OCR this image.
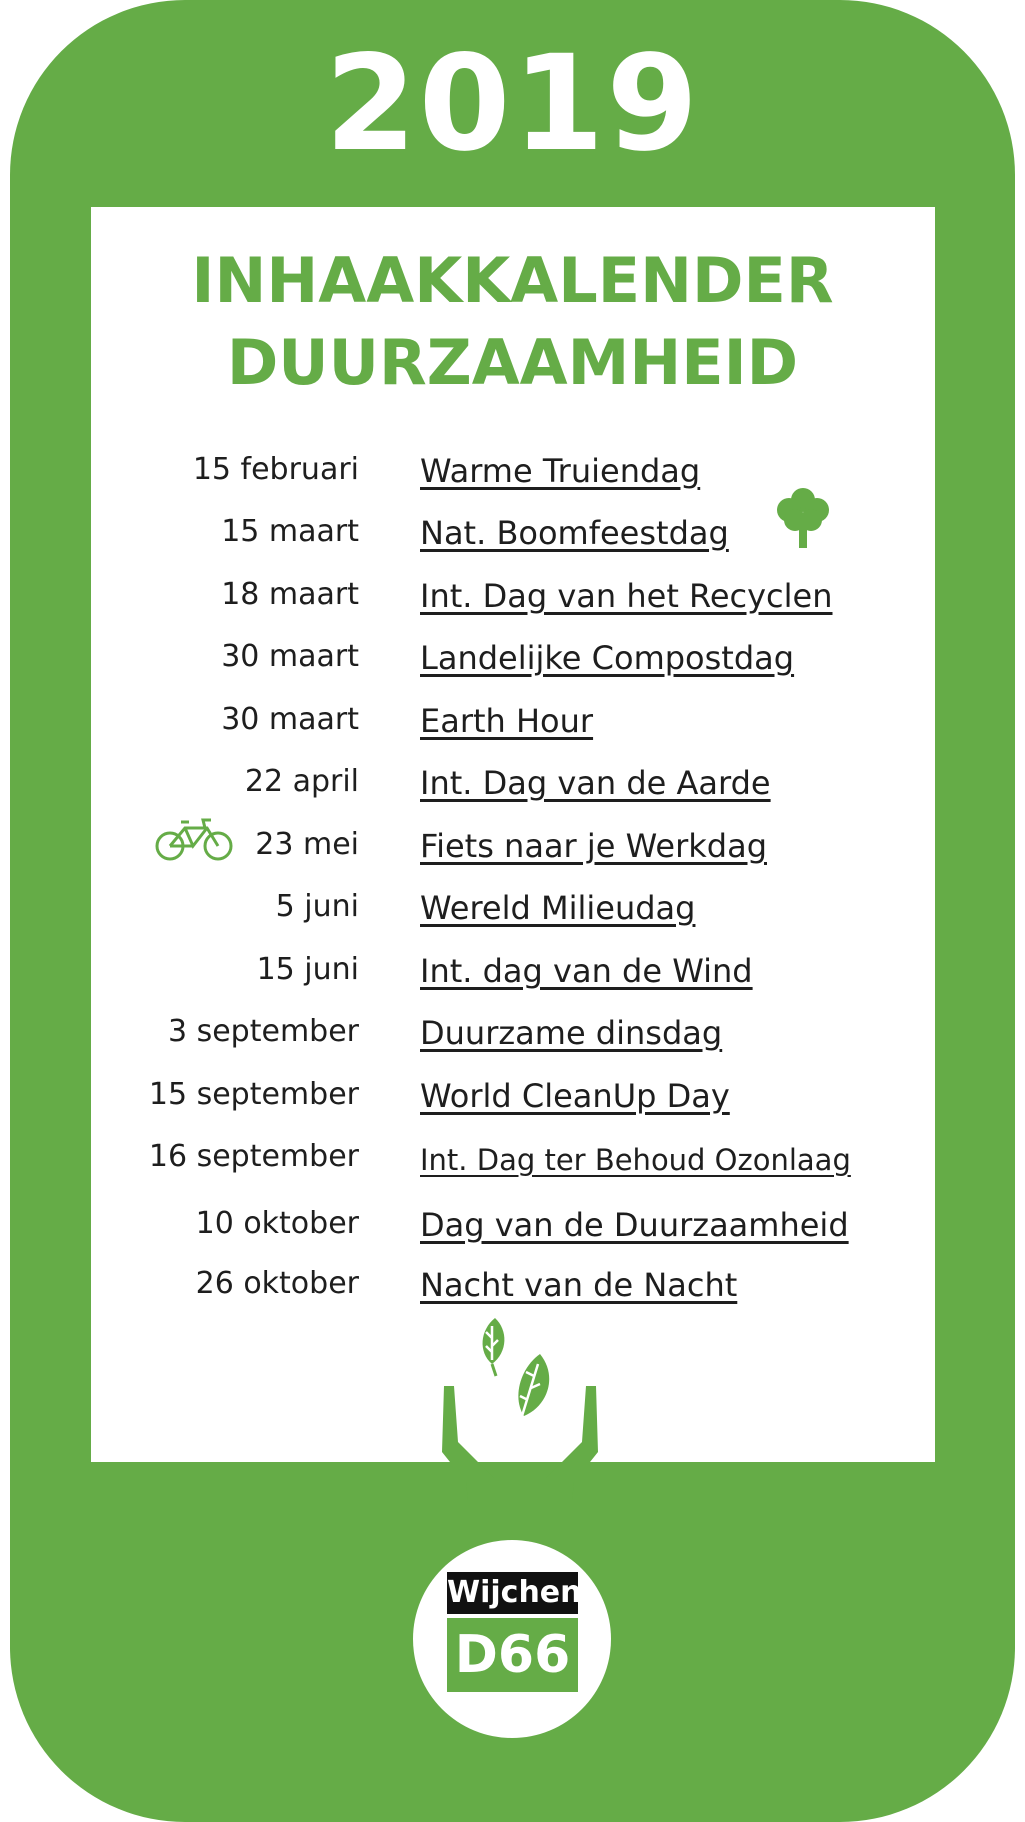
2019
INHAAKKALENDER
DUURZAAMHEID
15 februari Warme Truiendag
15 maart Nat. Boomfeestdag
18 maart Int. Dag van het Recyclen
30 maart Landelijke Compostdag
30 maart Earth Hour
22 april Int. Dag van de Aarde
23 mei Fiets naar je Werkdag
5 juni Wereld Milieudag
15 juni Int. dag van de Wind
3 september Duurzame dinsdag
15 september World CleanUp Day
16 september Int. Dag ter Behoud Ozonlaag
10 oktober Dag van de Duurzaamheid
26 oktober Nacht van de Nacht
Wijchen
D66
